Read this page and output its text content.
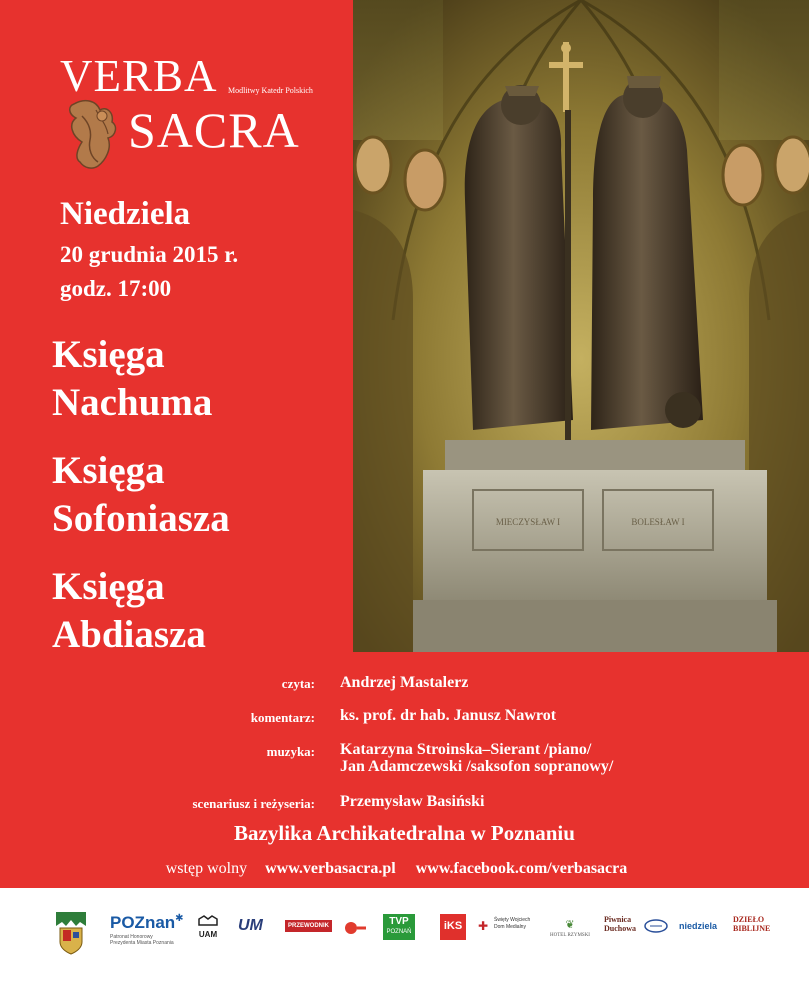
VERBA Modlitwy Katedr Polskich
SACRA
Niedziela
20 grudnia 2015 r.
godz. 17:00
Księga
Nachuma
Księga
Sofoniasza
Księga
Abdiasza
MIECZYSŁAW I	BOLESŁAW I
czyta: Andrzej Mastalerz
komentarz: ks. prof. dr hab. Janusz Nawrot
muzyka: Katarzyna Stroinska–Sierant /piano/
Jan Adamczewski /saksofon sopranowy/
scenariusz i reżyseria: Przemysław Basiński
Bazylika Archikatedralna w Poznaniu
wstęp wolny www.verbasacra.pl www.facebook.com/verbasacra
POZnan✱
Patronat Honorowy
Prezydenta Miasta Poznania
UAM
UM	PRZEWODNIK	TVP
POZNAŃ	iKS	✚ Święty Wojciech
Dom Medialny	❦
HOTEL RZYMSKI
Piwnica
Duchowa	niedziela
DZIEŁO
BIBLIJNE
